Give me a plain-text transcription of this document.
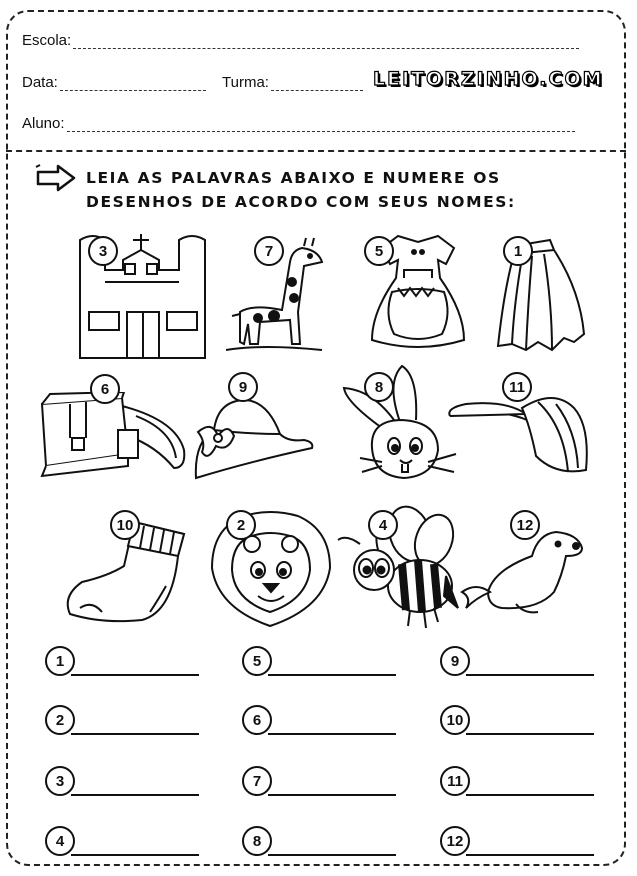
Escola:
Data:	Turma:	LEITORZINHO.COM
Aluno:
LEIA AS PALAVRAS ABAIXO E NUMERE OS
DESENHOS DE ACORDO COM SEUS NOMES:
3	7	5	1
6	9	8	11
10	2	4	12
1
2
3
4
5
6
7
8
9
10
11
12
